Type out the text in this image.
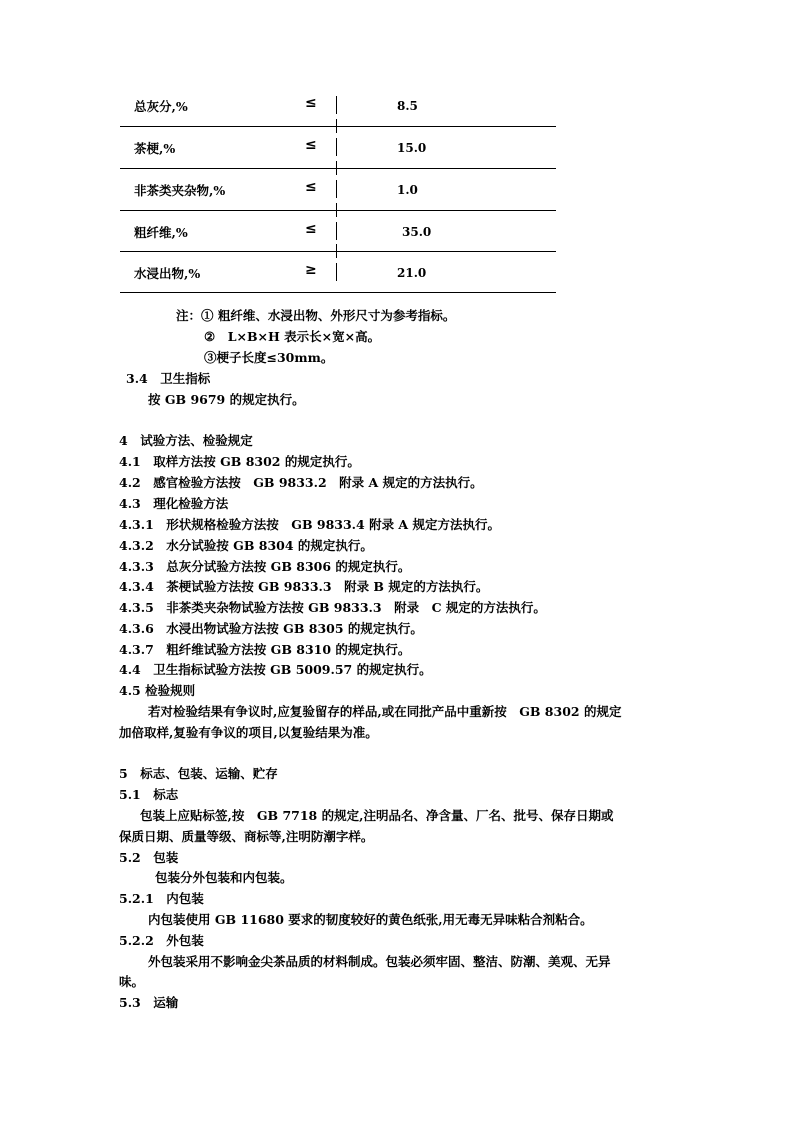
总灰分,%	≤	8.5
茶梗,%	≤	15.0
非茶类夹杂物,%	≤	1.0
粗纤维,%	≤	35.0
水浸出物,%	≥	21.0
注：① 粗纤维、水浸出物、外形尺寸为参考指标。
②　L×B×H 表示长×宽×高。
③梗子长度≤30mm。
3.4　卫生指标
按 GB 9679 的规定执行。
4　试验方法、检验规定
4.1　取样方法按 GB 8302 的规定执行。
4.2　感官检验方法按　GB 9833.2　附录 A 规定的方法执行。
4.3　理化检验方法
4.3.1　形状规格检验方法按　GB 9833.4 附录 A 规定方法执行。
4.3.2　水分试验按 GB 8304 的规定执行。
4.3.3　总灰分试验方法按 GB 8306 的规定执行。
4.3.4　茶梗试验方法按 GB 9833.3　附录 B 规定的方法执行。
4.3.5　非茶类夹杂物试验方法按 GB 9833.3　附录　C 规定的方法执行。
4.3.6　水浸出物试验方法按 GB 8305 的规定执行。
4.3.7　粗纤维试验方法按 GB 8310 的规定执行。
4.4　卫生指标试验方法按 GB 5009.57 的规定执行。
4.5 检验规则
若对检验结果有争议时,应复验留存的样品,或在同批产品中重新按　GB 8302 的规定
加倍取样,复验有争议的项目,以复验结果为准。
5　标志、包装、运输、贮存
5.1　标志
包装上应贴标签,按　GB 7718 的规定,注明品名、净含量、厂名、批号、保存日期或
保质日期、质量等级、商标等,注明防潮字样。
5.2　包装
包装分外包装和内包装。
5.2.1　内包装
内包装使用 GB 11680 要求的韧度较好的黄色纸张,用无毒无异味粘合剂粘合。
5.2.2　外包装
外包装采用不影响金尖茶品质的材料制成。包装必须牢固、整洁、防潮、美观、无异
味。
5.3　运输
